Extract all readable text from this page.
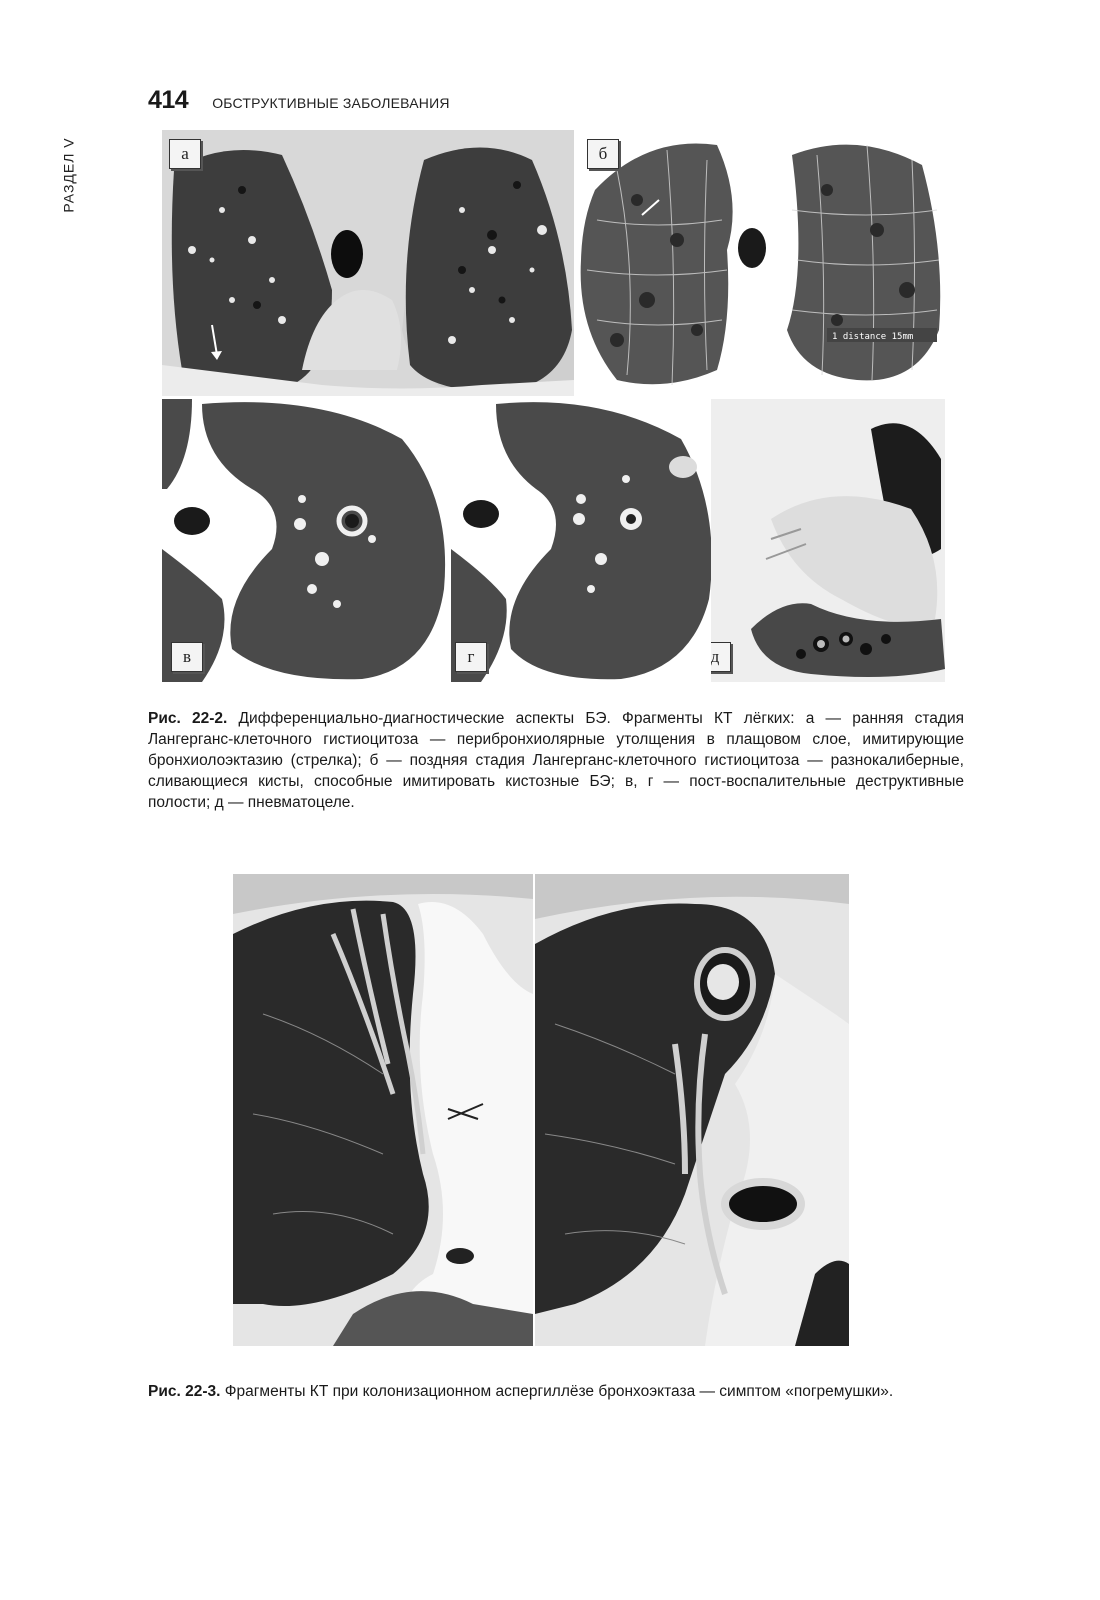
РАЗДЕЛ V
414 ОБСТРУКТИВНЫЕ ЗАБОЛЕВАНИЯ
а
1 distance 15mm
б
в	г	д
Рис. 22-2. Дифференциально-диагностические аспекты БЭ. Фрагменты КТ лёгких: а — ранняя стадия Лангерганс-клеточного гистиоцитоза — перибронхиолярные утолщения в плащовом слое, имитирующие бронхиолоэктазию (стрелка); б — поздняя стадия Лангерганс-клеточного гистиоцитоза — разнокалиберные, сливающиеся кисты, способные имитировать кистозные БЭ; в, г — пост-воспалительные деструктивные полости; д — пневматоцеле.
Рис. 22-3. Фрагменты КТ при колонизационном аспергиллёзе бронхоэктаза — симптом «погремушки».
